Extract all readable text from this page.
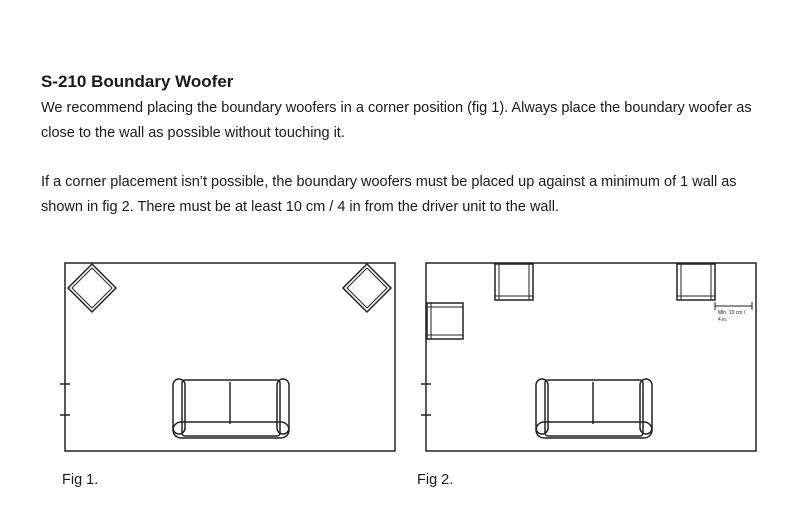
S-210 Boundary Woofer
We recommend placing the boundary woofers in a corner position (fig 1). Always place the boundary woofer as close to the wall as possible without touching it.
If a corner placement isn’t possible, the boundary woofers must be placed up against a minimum of 1 wall as shown in fig 2. There must be at least 10 cm / 4 in from the driver unit to the wall.
Min. 10 cm /
4 in.
Fig 1.	Fig 2.
